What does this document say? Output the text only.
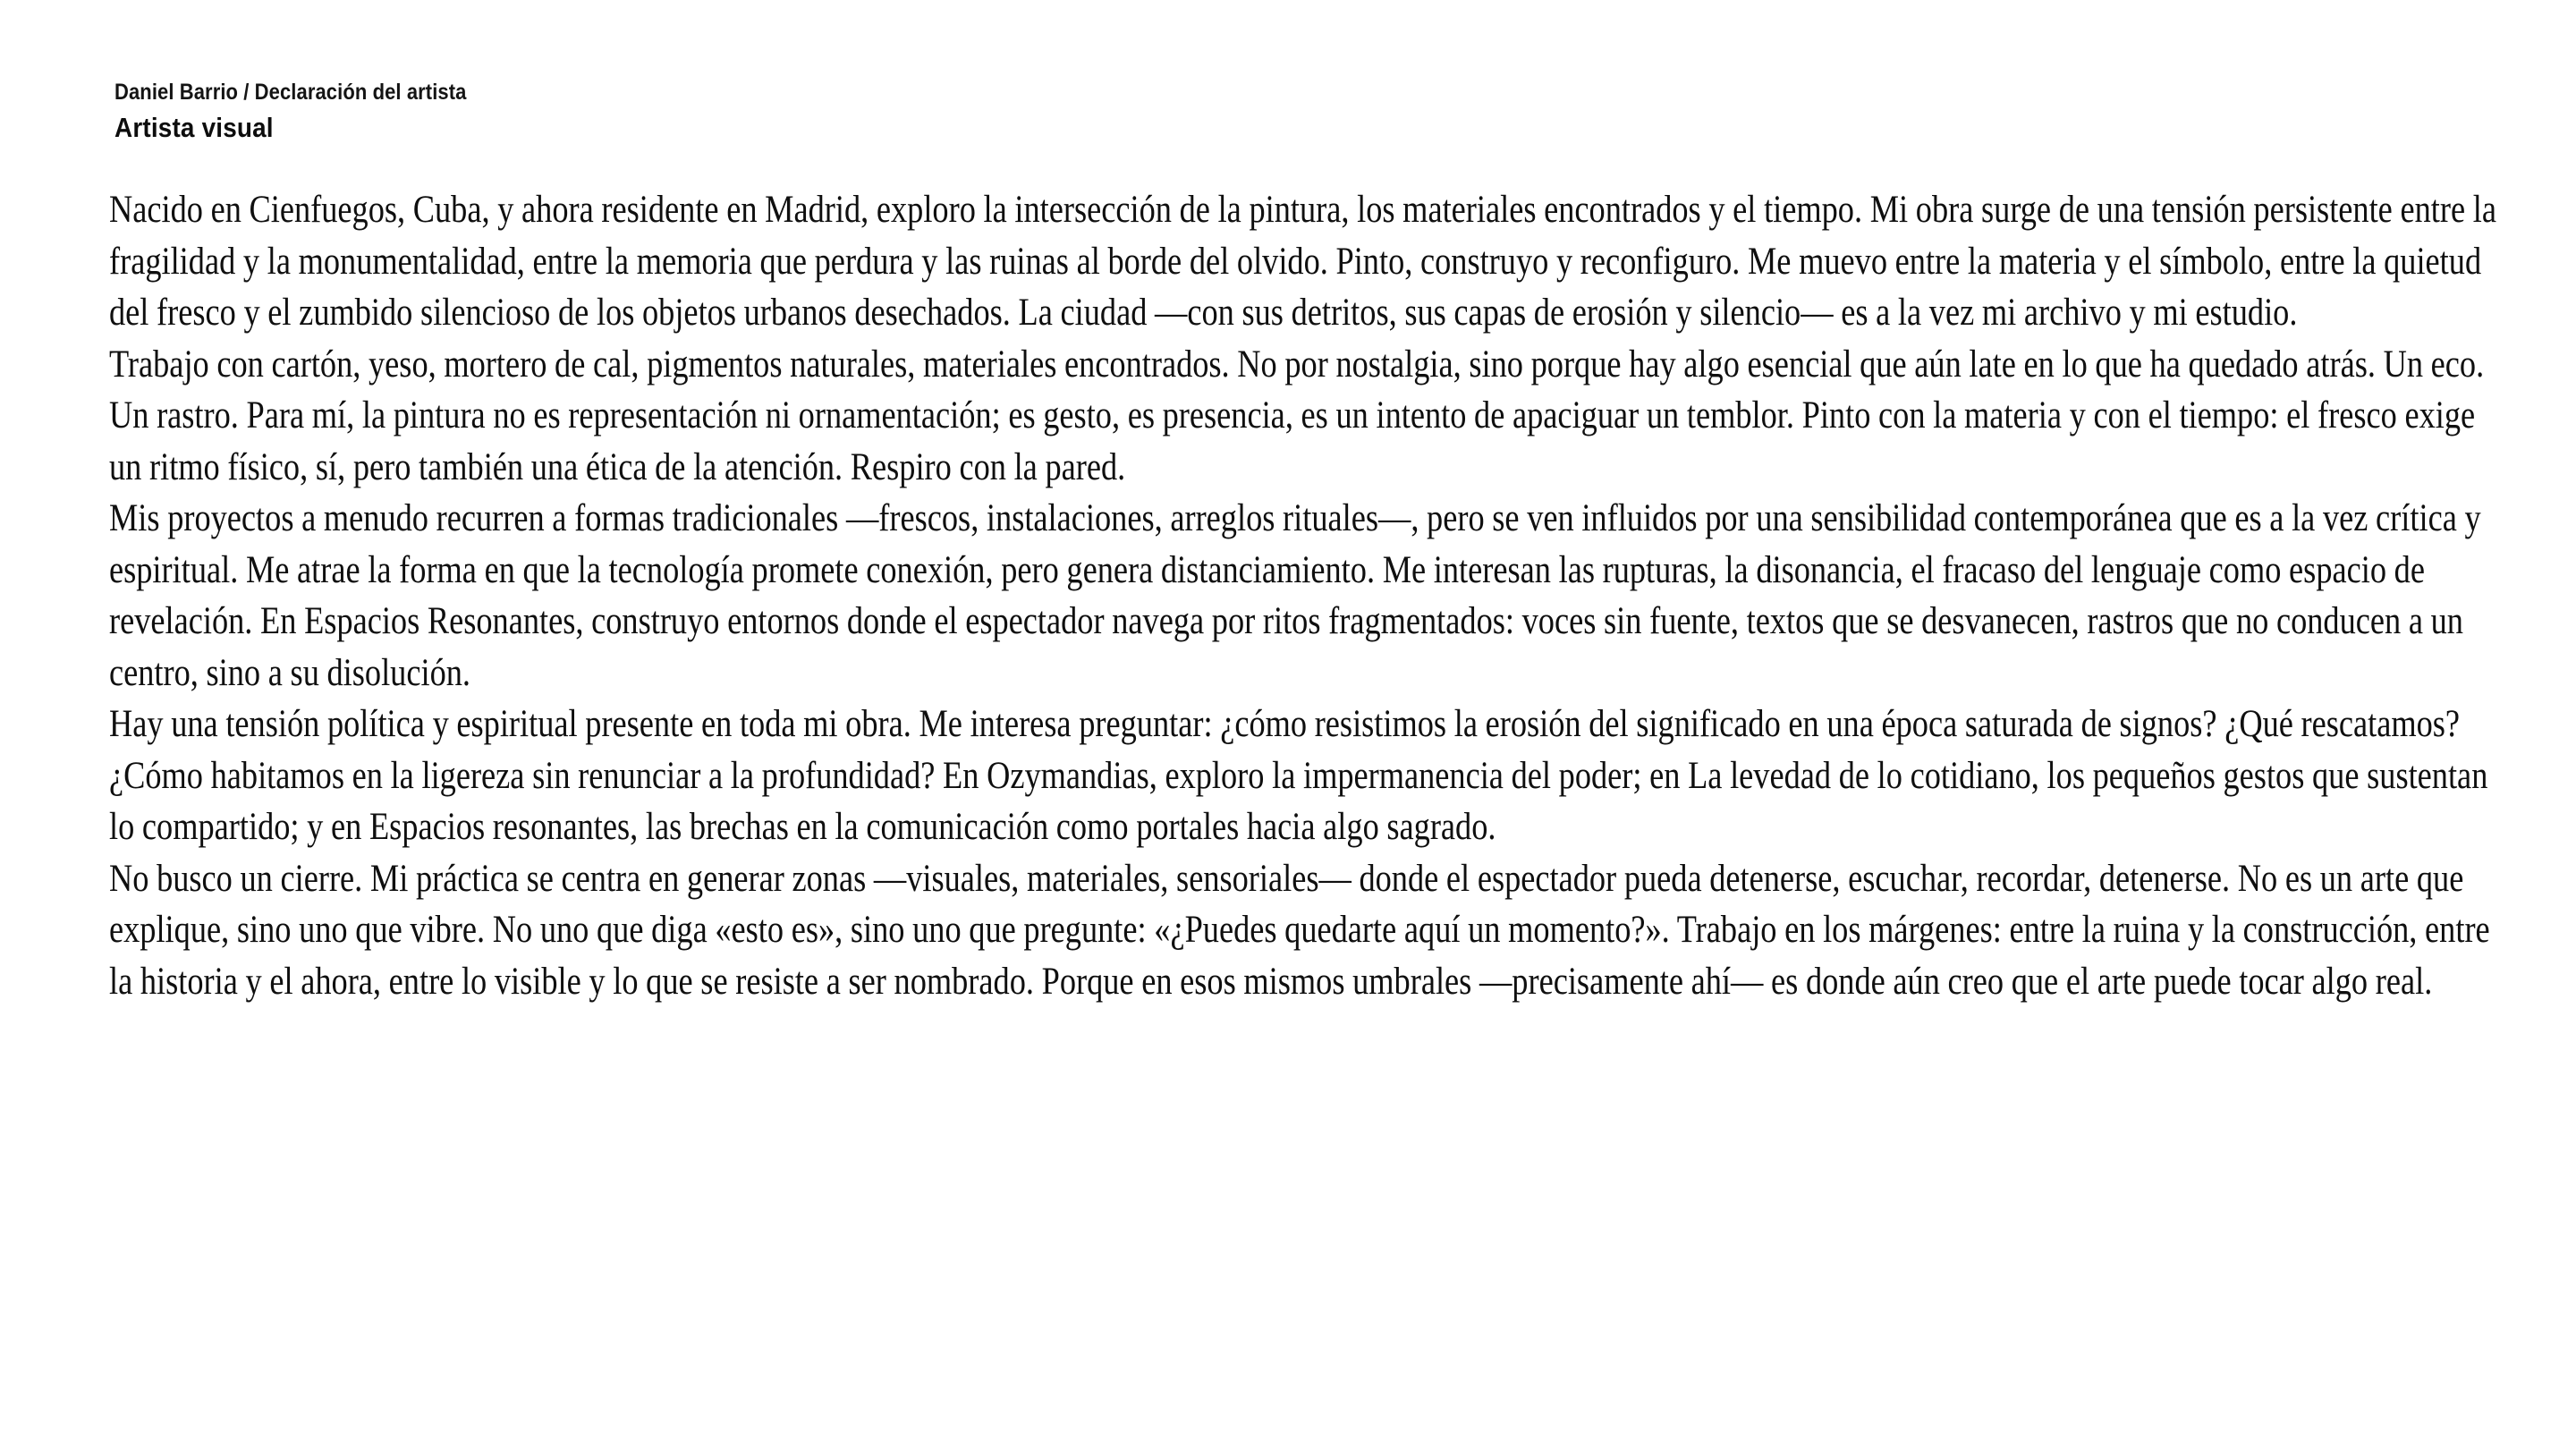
Daniel Barrio / Declaración del artista
Artista visual

Nacido en Cienfuegos, Cuba, y ahora residente en Madrid, exploro la intersección de la pintura, los materiales encontrados y el tiempo. Mi obra surge de una tensión persistente entre la fragilidad y la monumentalidad, entre la memoria que perdura y las ruinas al borde del olvido. Pinto, construyo y reconfiguro. Me muevo entre la materia y el símbolo, entre la quietud del fresco y el zumbido silencioso de los objetos urbanos desechados. La ciudad —con sus detritos, sus capas de erosión y silencio— es a la vez mi archivo y mi estudio.

Trabajo con cartón, yeso, mortero de cal, pigmentos naturales, materiales encontrados. No por nostalgia, sino porque hay algo esencial que aún late en lo que ha quedado atrás. Un eco. Un rastro. Para mí, la pintura no es representación ni ornamentación; es gesto, es presencia, es un intento de apaciguar un temblor. Pinto con la materia y con el tiempo: el fresco exige un ritmo físico, sí, pero también una ética de la atención. Respiro con la pared.

Mis proyectos a menudo recurren a formas tradicionales —frescos, instalaciones, arreglos rituales—, pero se ven influidos por una sensibilidad contemporánea que es a la vez crítica y espiritual. Me atrae la forma en que la tecnología promete conexión, pero genera distanciamiento. Me interesan las rupturas, la disonancia, el fracaso del lenguaje como espacio de revelación. En Espacios Resonantes, construyo entornos donde el espectador navega por ritos fragmentados: voces sin fuente, textos que se desvanecen, rastros que no conducen a un centro, sino a su disolución.

Hay una tensión política y espiritual presente en toda mi obra. Me interesa preguntar: ¿cómo resistimos la erosión del significado en una época saturada de signos? ¿Qué rescatamos? ¿Cómo habitamos en la ligereza sin renunciar a la profundidad? En Ozymandias, exploro la impermanencia del poder; en La levedad de lo cotidiano, los pequeños gestos que sustentan lo compartido; y en Espacios resonantes, las brechas en la comunicación como portales hacia algo sagrado.

No busco un cierre. Mi práctica se centra en generar zonas —visuales, materiales, sensoriales— donde el espectador pueda detenerse, escuchar, recordar, detenerse. No es un arte que explique, sino uno que vibre. No uno que diga «esto es», sino uno que pregunte: «¿Puedes quedarte aquí un momento?». Trabajo en los márgenes: entre la ruina y la construcción, entre la historia y el ahora, entre lo visible y lo que se resiste a ser nombrado. Porque en esos mismos umbrales —precisamente ahí— es donde aún creo que el arte puede tocar algo real.
